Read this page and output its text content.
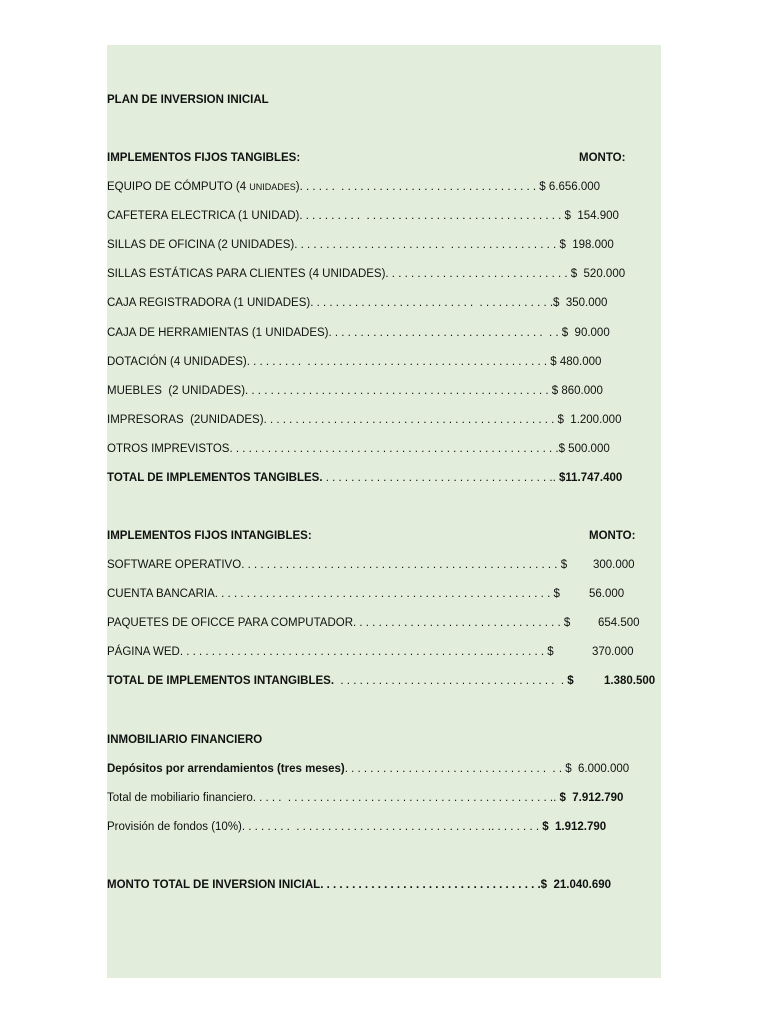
PLAN DE INVERSION INICIAL
IMPLEMENTOS FIJOS TANGIBLES:	MONTO:
EQUIPO DE CÓMPUTO (4 UNIDADES). . . . . .  . . . . . . . . . . . . . . . . . . . . . . . . . . . . . . . $ 6.656.000
CAFETERA ELECTRICA (1 UNIDAD). . . . . . . . . .  . . . . . . . . . . . . . . . . . . . . . . . . . . . . . . . $  154.900
SILLAS DE OFICINA (2 UNIDADES). . . . . . . . . . . . . . . . . . . . . . . .  . . . . . . . . . . . . . . . . . $  198.000
SILLAS ESTÁTICAS PARA CLIENTES (4 UNIDADES). . . . . . . . . . . . . . . . . . . . . . . . . . . . . $  520.000
CAJA REGISTRADORA (1 UNIDADES). . . . . . . . . . . . . . . . . . . . . . . . . .  . . . . . . . . . . . .$  350.000
CAJA DE HERRAMIENTAS (1 UNIDADES). . . . . . . . . . . . . . . . . . . . . . . . . . . . . . . . . .  . . $  90.000
DOTACIÓN (4 UNIDADES). . . . . . . . .  . . . . . . . . . . . . . . . . . . . . . . . . . . . . . . . . . . . . . . $ 480.000
MUEBLES  (2 UNIDADES). . . . . . . . . . . . . . . . . . . . . . . . . . . . . . . . . . . . . . . . . . . . . . . . $ 860.000
IMPRESORAS  (2UNIDADES). . . . . . . . . . . . . . . . . . . . . . . . . . . . . . . . . . . . . . . . . . . . . . $  1.200.000
OTROS IMPREVISTOS. . . . . . . . . . . . . . . . . . . . . . . . . . . . . . . . . . . . . . . . . . . . . . . . . . . .$ 500.000
TOTAL DE IMPLEMENTOS TANGIBLES. . . . . . . . . . . . . . . . . . . . . . . . . . . . . . . . . . . . .. $11.747.400
IMPLEMENTOS FIJOS INTANGIBLES:	MONTO:
SOFTWARE OPERATIVO. . . . . . . . . . . . . . . . . . . . . . . . . . . . . . . . . . . . . . . . . . . . . . . . . . $ 300.000
CUENTA BANCARIA. . . . . . . . . . . . . . . . . . . . . . . . . . . . . . . . . . . . . . . . . . . . . . . . . . . . . $	56.000
PAQUETES DE OFICCE PARA COMPUTADOR. . . . . . . . . . . . . . . . . . . . . . . . . . . . . . . . . $ 654.500
PÁGINA WED. . . . . . . . . . . . . . . . . . . . . . . . . . . . . . . . . . . . . . . . . . . . . . . . .. . . . . . . . . $	370.000
TOTAL DE IMPLEMENTOS INTANGIBLES.  . . . . . . . . . . . . . . . . . . . . . . . . . . . . . . . . . .  . $	1.380.500
INMOBILIARIO FINANCIERO
Depósitos por arrendamientos (tres meses). . . . . . . . . . . . . . . . . . . . . . . . . . . . . . . .  . . $  6.000.000
Total de mobiliario financiero. . . . .  . . . . . . . . . . . . . . . . . . . . . . . . . . . . . . . . . . . . . . . . . .. $  7.912.790
Provisión de fondos (10%). . . . . . . .  . . . . . . . . . . . . . . . . . . . . . . . . . . . . . . .. . . . . . . . $  1.912.790
MONTO TOTAL DE INVERSION INICIAL. . . . . . . . . . . . . . . . . . . . . . . . . . . . . . . . . . .$  21.040.690
